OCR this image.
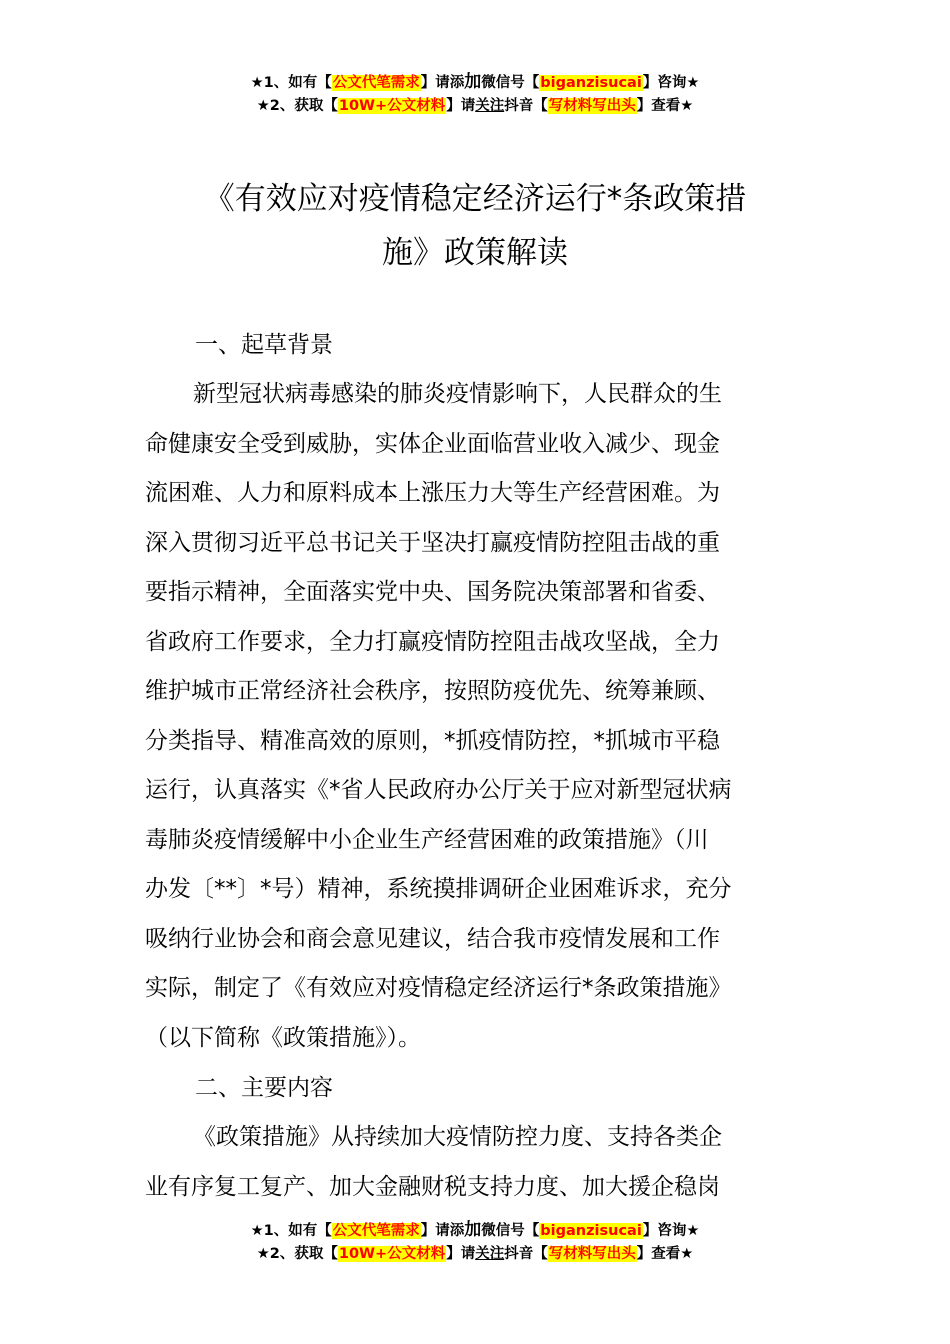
★1、如有【公文代笔需求】请添加微信号【biganzisucai】咨询★
★2、获取【10W+公文材料】请关注抖音【写材料写出头】查看★
《有效应对疫情稳定经济运行*条政策措
施》政策解读
一、起草背景
新型冠状病毒感染的肺炎疫情影响下，人民群众的生
命健康安全受到威胁，实体企业面临营业收入减少、现金
流困难、人力和原料成本上涨压力大等生产经营困难。为
深入贯彻习近平总书记关于坚决打赢疫情防控阻击战的重
要指示精神，全面落实党中央、国务院决策部署和省委、
省政府工作要求，全力打赢疫情防控阻击战攻坚战，全力
维护城市正常经济社会秩序，按照防疫优先、统筹兼顾、
分类指导、精准高效的原则，*抓疫情防控，*抓城市平稳
运行，认真落实《*省人民政府办公厅关于应对新型冠状病
毒肺炎疫情缓解中小企业生产经营困难的政策措施》（川
办发〔**〕*号）精神，系统摸排调研企业困难诉求，充分
吸纳行业协会和商会意见建议，结合我市疫情发展和工作
实际，制定了《有效应对疫情稳定经济运行*条政策措施》
（以下简称《政策措施》）。
二、主要内容
《政策措施》从持续加大疫情防控力度、支持各类企
业有序复工复产、加大金融财税支持力度、加大援企稳岗
★1、如有【公文代笔需求】请添加微信号【biganzisucai】咨询★
★2、获取【10W+公文材料】请关注抖音【写材料写出头】查看★
